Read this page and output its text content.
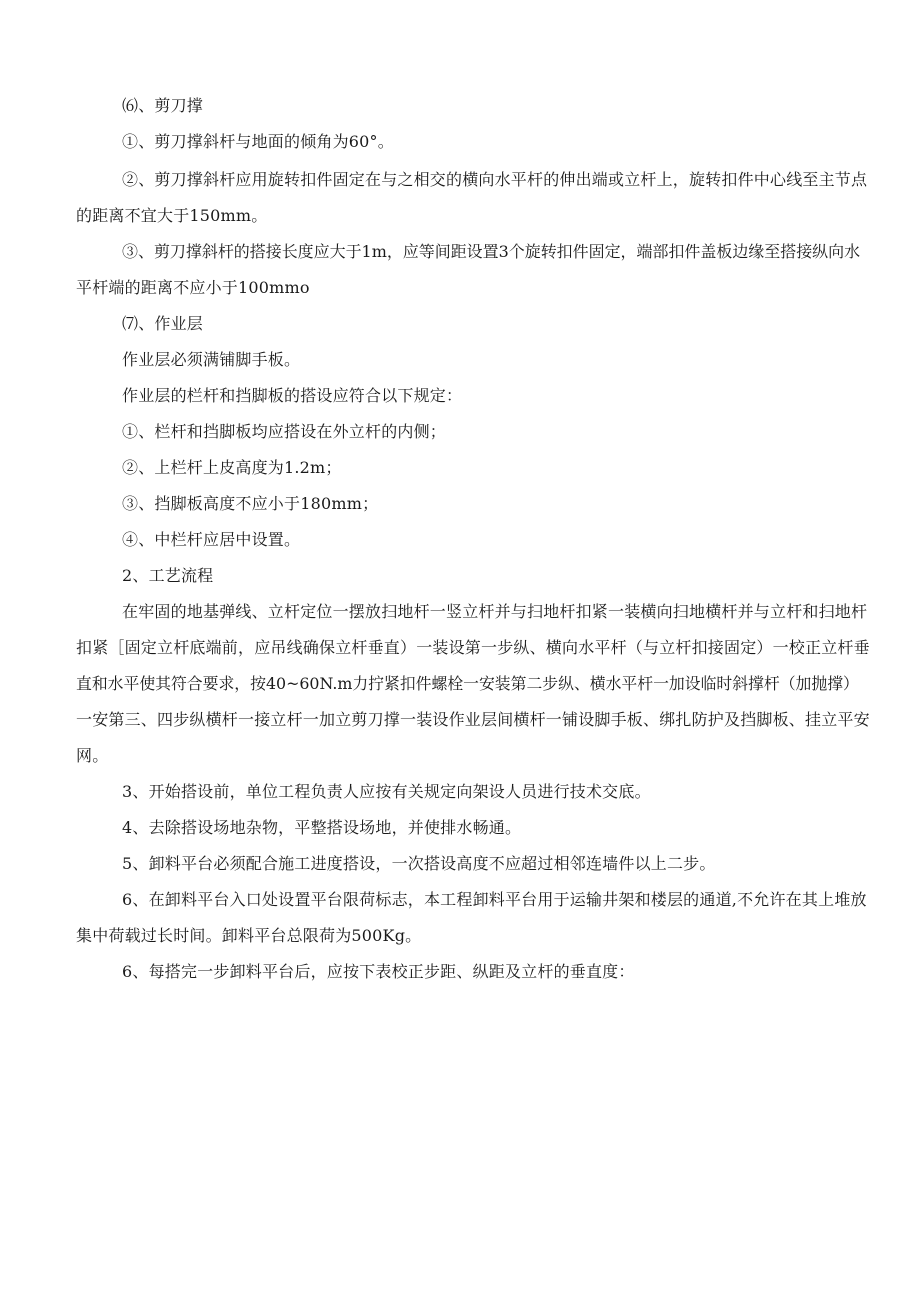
⑹、剪刀撑
①、剪刀撑斜杆与地面的倾角为60°。
②、剪刀撑斜杆应用旋转扣件固定在与之相交的横向水平杆的伸出端或立杆上，旋转扣件中心线至主节点
的距离不宜大于150mm。
③、剪刀撑斜杆的搭接长度应大于1m，应等间距设置3个旋转扣件固定，端部扣件盖板边缘至搭接纵向水
平杆端的距离不应小于100mmo
⑺、作业层
作业层必须满铺脚手板。
作业层的栏杆和挡脚板的搭设应符合以下规定：
①、栏杆和挡脚板均应搭设在外立杆的内侧；
②、上栏杆上皮高度为1.2m；
③、挡脚板高度不应小于180mm；
④、中栏杆应居中设置。
2、工艺流程
在牢固的地基弹线、立杆定位一摆放扫地杆一竖立杆并与扫地杆扣紧一装横向扫地横杆并与立杆和扫地杆
扣紧［固定立杆底端前，应吊线确保立杆垂直）一装设第一步纵、横向水平杆（与立杆扣接固定）一校正立杆垂
直和水平使其符合要求，按40~60N.m力拧紧扣件螺栓一安装第二步纵、横水平杆一加设临时斜撑杆（加抛撑）
一安第三、四步纵横杆一接立杆一加立剪刀撑一装设作业层间横杆一铺设脚手板、绑扎防护及挡脚板、挂立平安
网。
3、开始搭设前，单位工程负责人应按有关规定向架设人员进行技术交底。
4、去除搭设场地杂物，平整搭设场地，并使排水畅通。
5、卸料平台必须配合施工进度搭设，一次搭设高度不应超过相邻连墙件以上二步。
6、在卸料平台入口处设置平台限荷标志，本工程卸料平台用于运输井架和楼层的通道,不允许在其上堆放
集中荷载过长时间。卸料平台总限荷为500Kg。
6、每搭完一步卸料平台后，应按下表校正步距、纵距及立杆的垂直度：
